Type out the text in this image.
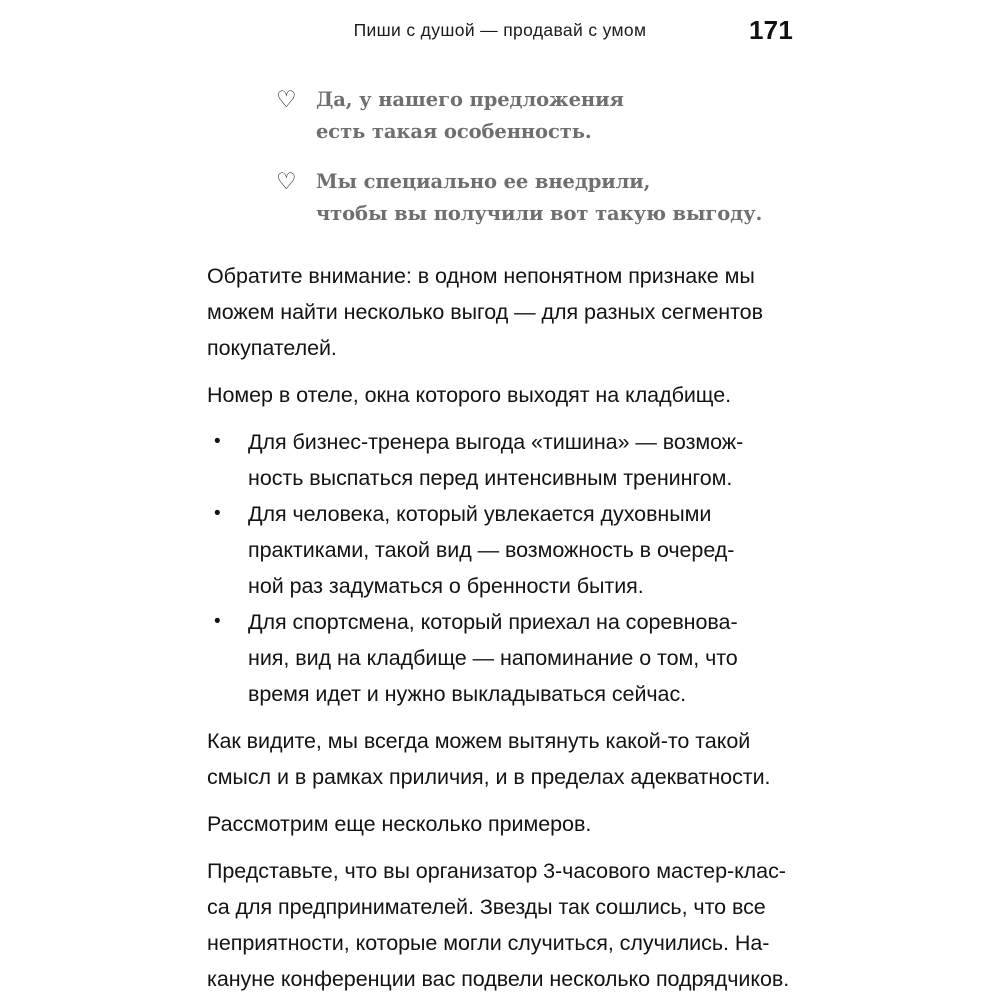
Пиши с душой — продавай с умом	171
♡ Да, у нашего предложения
есть такая особенность.
♡ Мы специально ее внедрили,
чтобы вы получили вот такую выгоду.

Обратите внимание: в одном непонятном признаке мы
можем найти несколько выгод — для разных сегментов
покупателей.

Номер в отеле, окна которого выходят на кладбище.

• Для бизнес-тренера выгода «тишина» — возмож-
ность выспаться перед интенсивным тренингом.
• Для человека, который увлекается духовными
практиками, такой вид — возможность в очеред-
ной раз задуматься о бренности бытия.
• Для спортсмена, который приехал на соревнова-
ния, вид на кладбище — напоминание о том, что
время идет и нужно выкладываться сейчас.

Как видите, мы всегда можем вытянуть какой-то такой
смысл и в рамках приличия, и в пределах адекватности.

Рассмотрим еще несколько примеров.

Представьте, что вы организатор 3-часового мастер-клас-
са для предпринимателей. Звезды так сошлись, что все
неприятности, которые могли случиться, случились. На-
кануне конференции вас подвели несколько подрядчиков.
